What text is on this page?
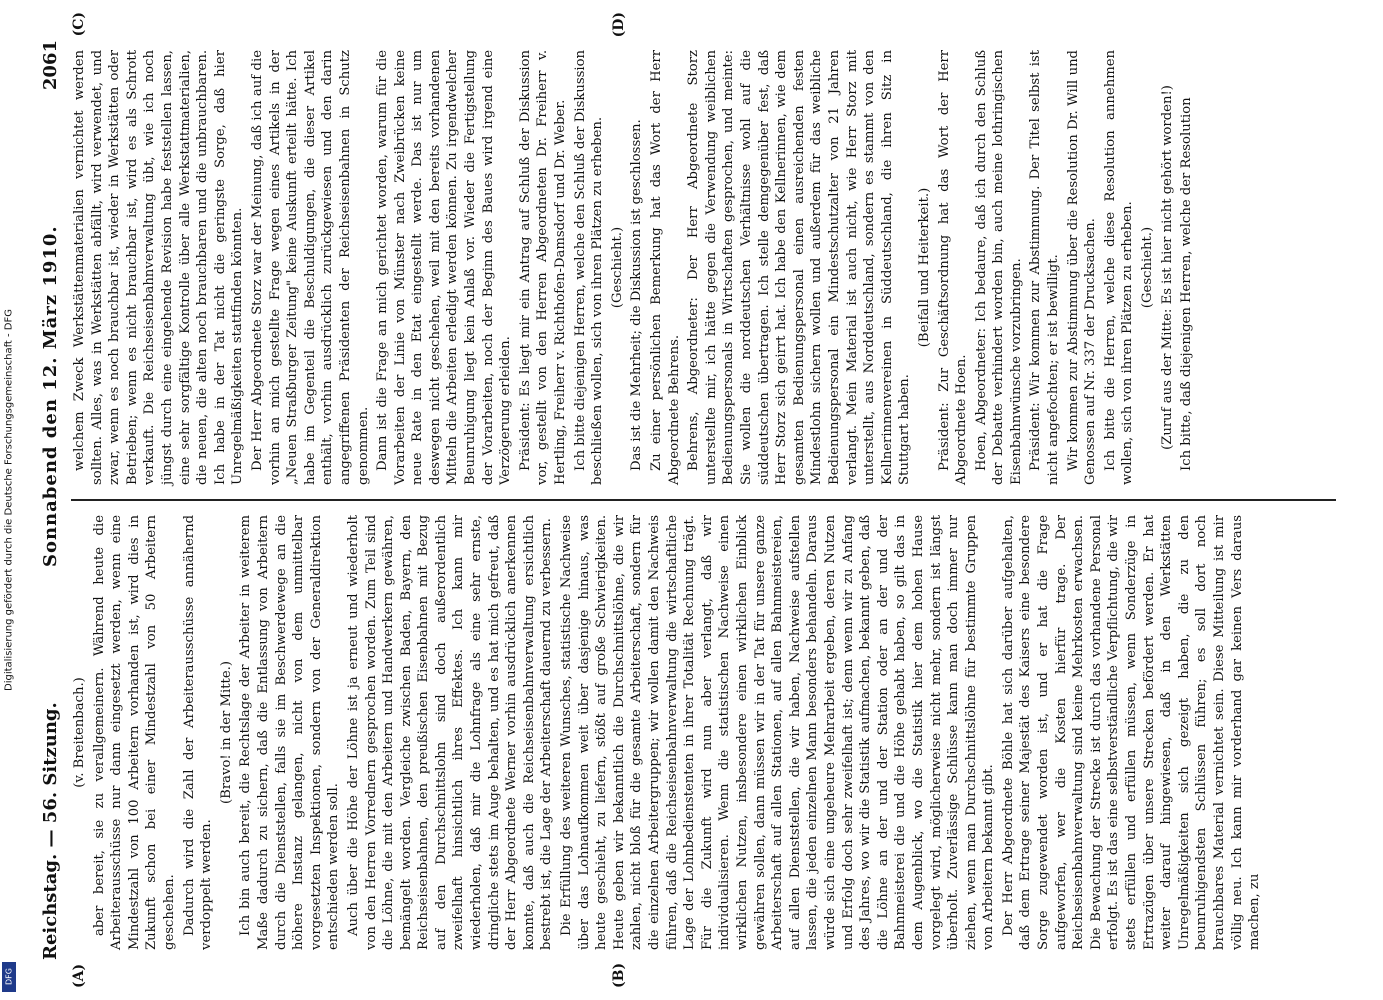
Digitalisierung gefördert durch die Deutsche Forschungsgemeinschaft - DFG
DFG
Reichstag. — 56. Sitzung.
Sonnabend den 12. März 1910.
2061
(A)	(B)

(v. Breitenbach.) aber bereit, sie zu verallgemeinern. Während heute die Arbeiterausschüsse nur dann eingesetzt werden, wenn eine Mindestzahl von 100 Arbeitern vorhanden ist, wird dies in Zukunft schon bei einer Mindestzahl von 50 Arbeitern geschehen. Dadurch wird die Zahl der Arbeiterausschüsse annähernd verdoppelt werden.

(Bravo! in der Mitte.) Ich bin auch bereit, die Rechtslage der Arbeiter in weiterem Maße dadurch zu sichern, daß die Entlassung von Arbeitern durch die Dienststellen, falls sie im Beschwerdewege an die höhere Instanz gelangen, nicht von dem unmittelbar vorgesetzten Inspektionen, sondern von der Generaldirektion entschieden werden soll. Auch über die Höhe der Löhne ist ja erneut und wiederholt von den Herren Vorrednern gesprochen worden. Zum Teil sind die Löhne, die mit den Arbeitern und Handwerkern gewähren, bemängelt worden. Vergleiche zwischen Baden, Bayern, den Reichseisenbahnen, den preußischen Eisenbahnen mit Bezug auf den Durchschnittslohn sind doch außerordentlich zweifelhaft hinsichtlich ihres Effektes. Ich kann mir wiederholen, daß mir die Lohnfrage als eine sehr ernste, dringliche stets im Auge behalten, und es hat mich gefreut, daß der Herr Abgeordnete Werner vorhin ausdrücklich anerkennen konnte, daß auch die Reichseisenbahnverwaltung ersichtlich bestrebt ist, die Lage der Arbeiterschaft dauernd zu verbessern. Die Erfüllung des weiteren Wunsches, statistische Nachweise über das Lohnaufkommen weit über dasjenige hinaus, was heute geschieht, zu liefern, stößt auf große Schwierigkeiten. Heute geben wir bekanntlich die Durchschnittslöhne, die wir zahlen, nicht bloß für die gesamte Arbeiterschaft, sondern für die einzelnen Arbeitergruppen; wir wollen damit den Nachweis führen, daß die Reichseisenbahnverwaltung die wirtschaftliche Lage der Lohnbedienstenten in ihrer Totalität Rechnung trägt. Für die Zukunft wird nun aber verlangt, daß wir individualisieren. Wenn die statistischen Nachweise einen wirklichen Nutzen, insbesondere einen wirklichen Einblick gewähren sollen, dann müssen wir in der Tat für unsere ganze Arbeiterschaft auf allen Stationen, auf allen Bahnmeistereien, auf allen Dienststellen, die wir haben, Nachweise aufstellen lassen, die jeden einzelnen Mann besonders behandeln. Daraus würde sich eine ungeheure Mehrarbeit ergeben, deren Nutzen und Erfolg doch sehr zweifelhaft ist; denn wenn wir zu Anfang des Jahres, wo wir die Statistik aufmachen, bekannt geben, daß die Löhne an der und der Station oder an der und der Bahnmeisterei die und die Höhe gehabt haben, so gilt das in dem Augenblick, wo die Statistik hier dem hohen Hause vorgelegt wird, möglicherweise nicht mehr, sondern ist längst überholt. Zuverlässige Schlüsse kann man doch immer nur ziehen, wenn man Durchschnittslöhne für bestimmte Gruppen von Arbeitern bekannt gibt. Der Herr Abgeordnete Böhle hat sich darüber aufgehalten, daß dem Ertrage seiner Majestät des Kaisers eine besondere Sorge zugewendet worden ist, und er hat die Frage aufgeworfen, wer die Kosten hierfür trage. Der Reichseisenbahnverwaltung sind keine Mehrkosten erwachsen. Die Bewachung der Strecke ist durch das vorhandene Personal erfolgt. Es ist das eine selbstverständliche Verpflichtung, die wir stets erfüllen und erfüllen müssen, wenn Sonderzüge in Ertrazügen über unsere Strecken befördert werden. Er hat weiter darauf hingewiesen, daß in den Werkstätten Unregelmäßigkeiten sich gezeigt haben, die zu den beunruhigendsten Schlüssen führen; es soll dort noch brauchbares Material vernichtet sein. Diese Mitteilung ist mir völlig neu. Ich kann mir vorderhand gar keinen Vers daraus machen, zu

(C)	(D)

welchem Zweck Werkstättenmaterialien vernichtet werden sollten. Alles, was in Werkstätten abfällt, wird verwendet, und zwar, wenn es noch brauchbar ist, wieder in Werkstätten oder Betrieben; wenn es nicht brauchbar ist, wird es als Schrott verkauft. Die Reichseisenbahnverwaltung übt, wie ich noch jüngst durch eine eingehende Revision habe feststellen lassen, eine sehr sorgfältige Kontrolle über alle Werkstattmaterialien, die neuen, die alten noch brauchbaren und die unbrauchbaren. Ich habe in der Tat nicht die geringste Sorge, daß hier Unregelmäßigkeiten stattfinden könnten. Der Herr Abgeordnete Storz war der Meinung, daß ich auf die vorhin an mich gestellte Frage wegen eines Artikels in der „Neuen Straßburger Zeitung" keine Auskunft erteilt hätte. Ich habe im Gegenteil die Beschuldigungen, die dieser Artikel enthält, vorhin ausdrücklich zurückgewiesen und den darin angegriffenen Präsidenten der Reichseisenbahnen in Schutz genommen. Dann ist die Frage an mich gerichtet worden, warum für die Vorarbeiten der Linie von Münster nach Zweibrücken keine neue Rate in den Etat eingestellt werde. Das ist nur um deswegen nicht geschehen, weil mit den bereits vorhandenen Mitteln die Arbeiten erledigt werden können. Zu irgendwelcher Beunruhigung liegt kein Anlaß vor. Wieder die Fertigstellung der Vorarbeiten, noch der Beginn des Baues wird irgend eine Verzögerung erleiden. Präsident: Es liegt mir ein Antrag auf Schluß der Diskussion vor, gestellt von den Herren Abgeordneten Dr. Freiherr v. Hertling, Freiherr v. Richthofen-Damsdorf und Dr. Weber. Ich bitte diejenigen Herren, welche den Schluß der Diskussion beschließen wollen, sich von ihren Plätzen zu erheben. (Geschieht.) Das ist die Mehrheit; die Diskussion ist geschlossen. Zu einer persönlichen Bemerkung hat das Wort der Herr Abgeordnete Behrens. Behrens, Abgeordneter: Der Herr Abgeordnete Storz unterstellte mir, ich hätte gegen die Verwendung weiblichen Bedienungspersonals in Wirtschaften gesprochen, und meinte: Sie wollen die norddeutschen Verhältnisse wohl auf die süddeutschen übertragen. Ich stelle demgegenüber fest, daß Herr Storz sich geirrt hat. Ich habe den Kellnerinnen, wie dem gesamten Bedienungspersonal einen ausreichenden festen Mindestlohn sichern wollen und außerdem für das weibliche Bedienungspersonal ein Mindestschutzalter von 21 Jahren verlangt. Mein Material ist auch nicht, wie Herr Storz mit unterstellt, aus Norddeutschland, sondern es stammt von den Kellnerinnenvereinen in Süddeutschland, die ihren Sitz in Stuttgart haben.

(Beifall und Heiterkeit.) Präsident: Zur Geschäftsordnung hat das Wort der Herr Abgeordnete Hoen. Hoen, Abgeordneter: Ich bedaure, daß ich durch den Schluß der Debatte verhindert worden bin, auch meine lothringischen Eisenbahnwünsche vorzubringen. Präsident: Wir kommen zur Abstimmung. Der Titel selbst ist nicht angefochten; er ist bewilligt. Wir kommen zur Abstimmung über die Resolution Dr. Will und Genossen auf Nr. 337 der Drucksachen. Ich bitte die Herren, welche diese Resolution annehmen wollen, sich von ihren Plätzen zu erheben. (Geschieht.) (Zuruf aus der Mitte: Es ist hier nicht gehört worden!) Ich bitte, daß diejenigen Herren, welche der Resolution
